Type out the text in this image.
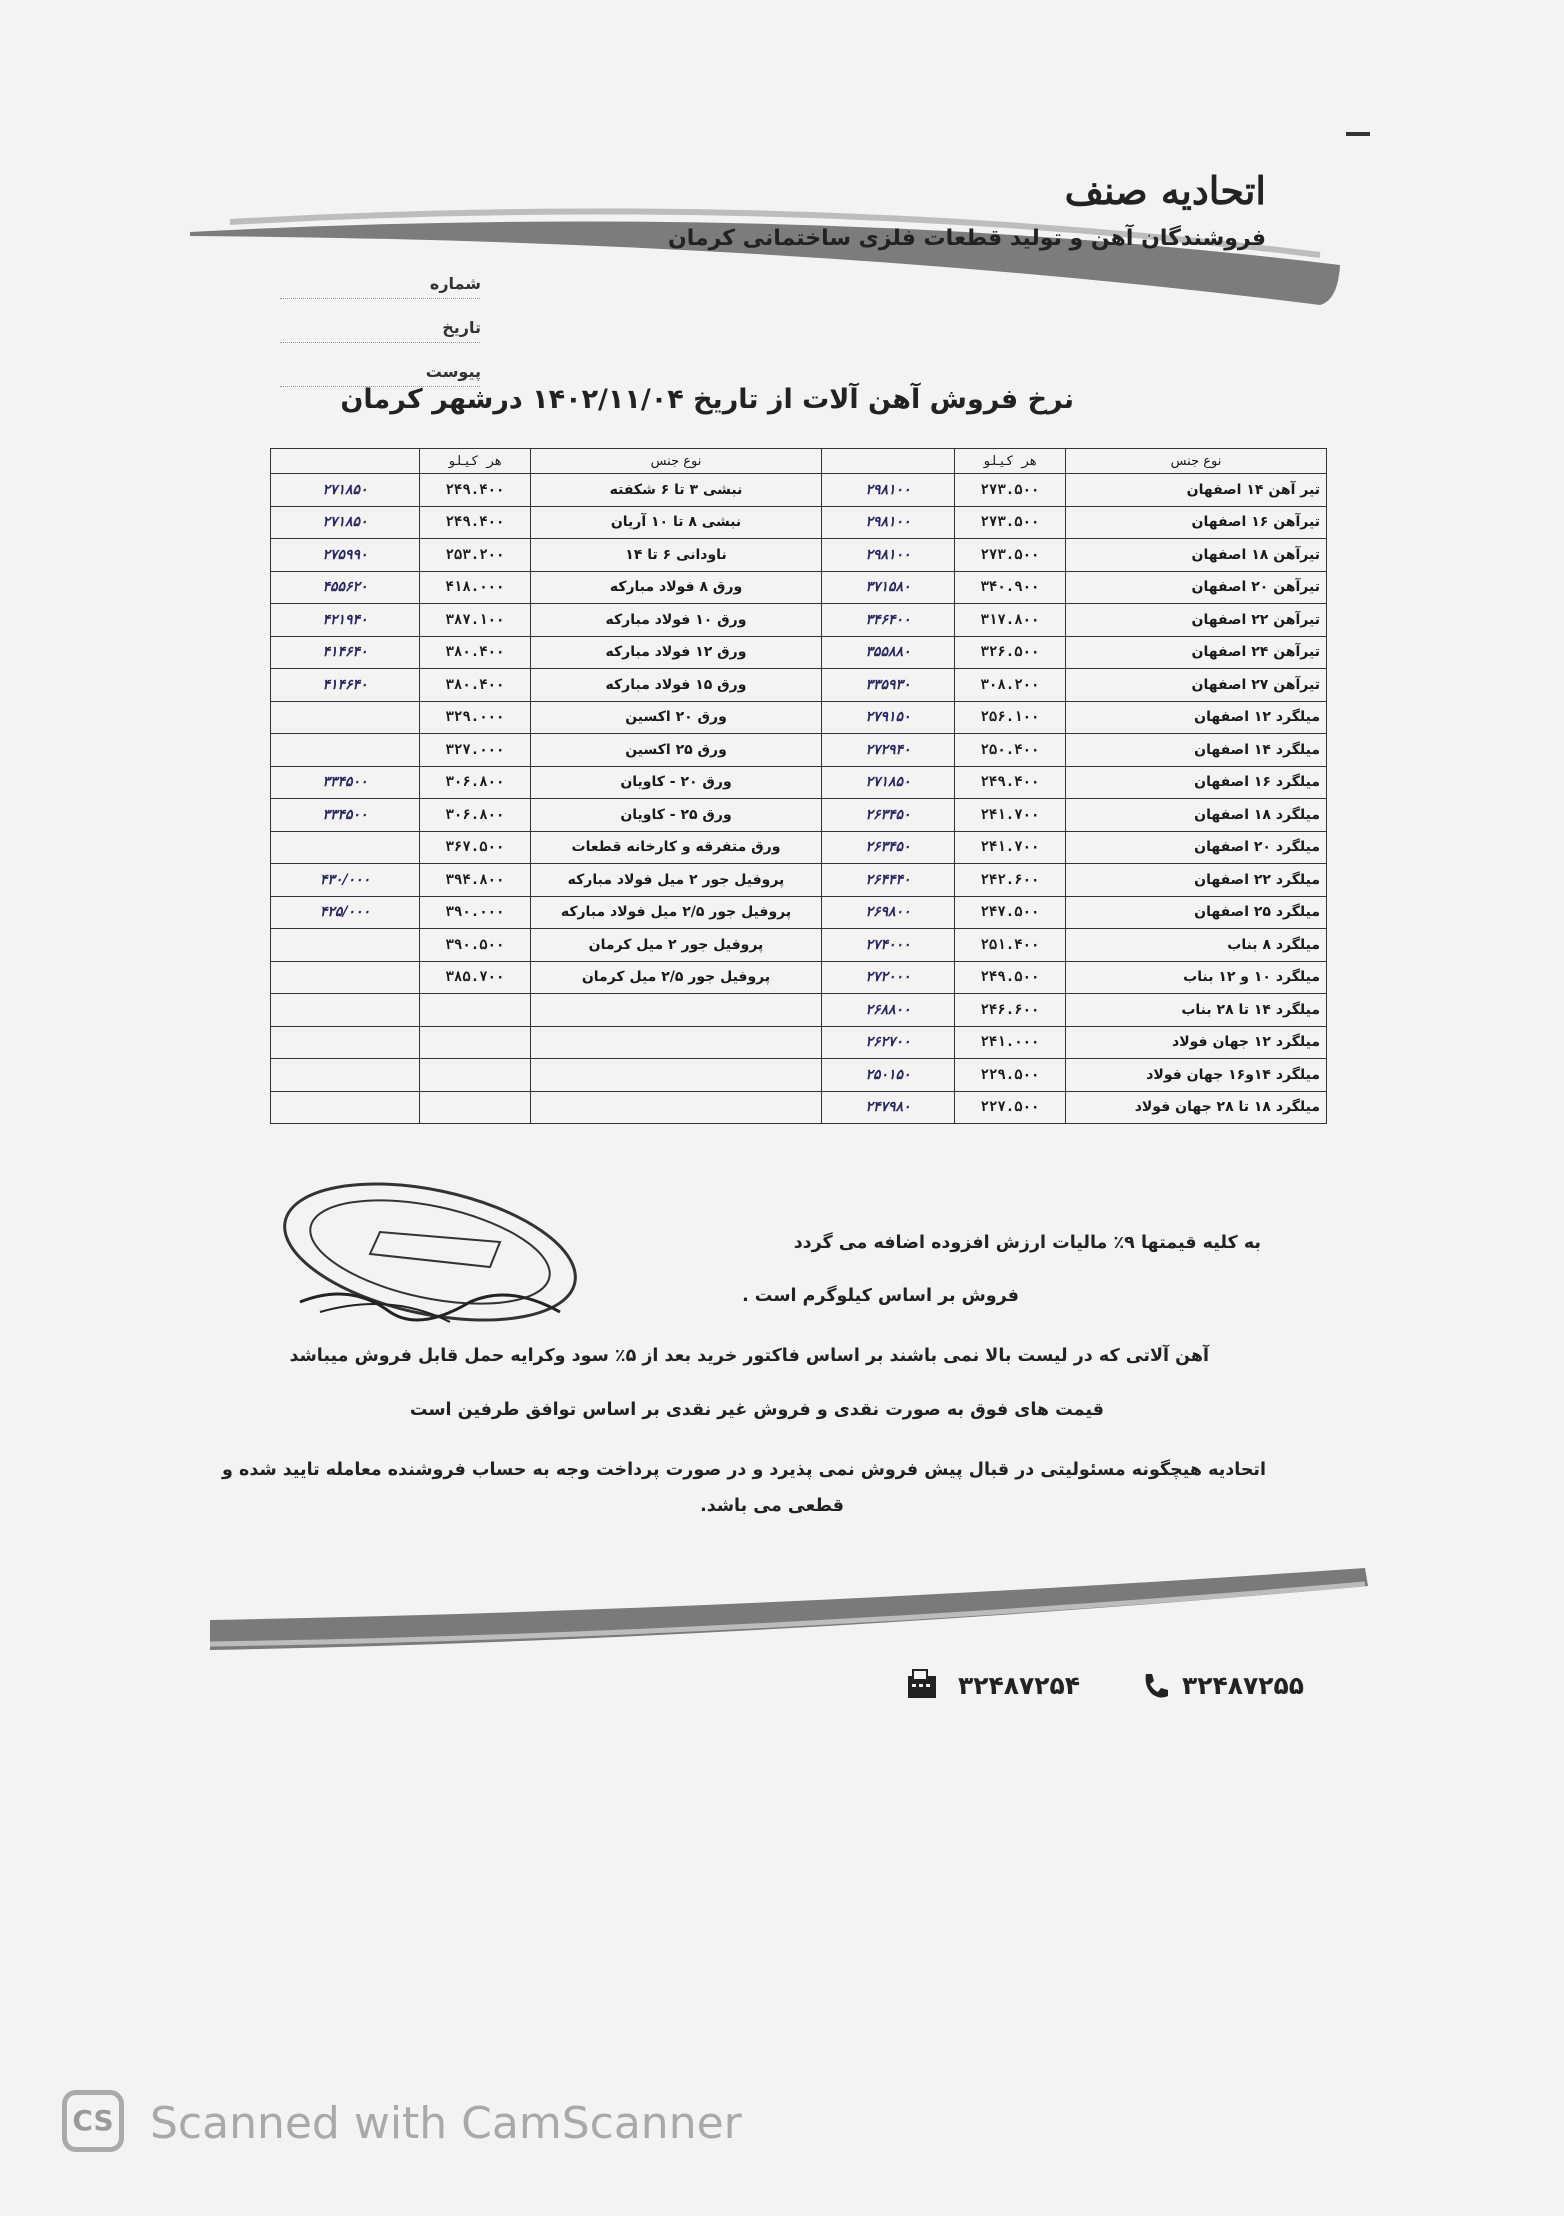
اتحادیه صنف
فروشندگان آهن و تولید قطعات فلزی ساختمانی کرمان
شماره
تاریخ
پیوست
نرخ فروش آهن آلات از تاریخ ۱۴۰۲/۱۱/۰۴ درشهر کرمان
نوع جنس	هر کیلو		نوع جنس	هر کیلو	
تیر آهن ۱۴ اصفهان	۲۷۳.۵۰۰	۲۹۸۱۰۰	نبشی ۳ تا ۶ شکفته	۲۴۹.۴۰۰	۲۷۱۸۵۰
تیرآهن ۱۶ اصفهان	۲۷۳.۵۰۰	۲۹۸۱۰۰	نبشی ۸ تا ۱۰ آریان	۲۴۹.۴۰۰	۲۷۱۸۵۰
تیرآهن ۱۸ اصفهان	۲۷۳.۵۰۰	۲۹۸۱۰۰	ناودانی ۶ تا ۱۴	۲۵۳.۲۰۰	۲۷۵۹۹۰
تیرآهن ۲۰ اصفهان	۳۴۰.۹۰۰	۳۷۱۵۸۰	ورق ۸ فولاد مبارکه	۴۱۸.۰۰۰	۴۵۵۶۲۰
تیرآهن ۲۲ اصفهان	۳۱۷.۸۰۰	۳۴۶۴۰۰	ورق ۱۰ فولاد مبارکه	۳۸۷.۱۰۰	۴۲۱۹۴۰
تیرآهن ۲۴ اصفهان	۳۲۶.۵۰۰	۳۵۵۸۸۰	ورق ۱۲ فولاد مبارکه	۳۸۰.۴۰۰	۴۱۴۶۴۰
تیرآهن ۲۷ اصفهان	۳۰۸.۲۰۰	۳۳۵۹۳۰	ورق ۱۵ فولاد مبارکه	۳۸۰.۴۰۰	۴۱۴۶۴۰
میلگرد ۱۲ اصفهان	۲۵۶.۱۰۰	۲۷۹۱۵۰	ورق ۲۰ اکسین	۳۲۹.۰۰۰	
میلگرد ۱۴ اصفهان	۲۵۰.۴۰۰	۲۷۲۹۴۰	ورق ۲۵ اکسین	۳۲۷.۰۰۰	
میلگرد ۱۶ اصفهان	۲۴۹.۴۰۰	۲۷۱۸۵۰	ورق ۲۰ - کاویان	۳۰۶.۸۰۰	۳۳۴۵۰۰
میلگرد ۱۸ اصفهان	۲۴۱.۷۰۰	۲۶۳۴۵۰	ورق ۲۵ - کاویان	۳۰۶.۸۰۰	۳۳۴۵۰۰
میلگرد ۲۰ اصفهان	۲۴۱.۷۰۰	۲۶۳۴۵۰	ورق متفرقه و کارخانه قطعات	۳۶۷.۵۰۰	
میلگرد ۲۲ اصفهان	۲۴۲.۶۰۰	۲۶۴۴۴۰	پروفیل جور ۲ میل فولاد مبارکه	۳۹۴.۸۰۰	۴۳۰/۰۰۰
میلگرد ۲۵ اصفهان	۲۴۷.۵۰۰	۲۶۹۸۰۰	پروفیل جور ۲/۵ میل فولاد مبارکه	۳۹۰.۰۰۰	۴۲۵/۰۰۰
میلگرد ۸ بناب	۲۵۱.۴۰۰	۲۷۴۰۰۰	پروفیل جور ۲ میل کرمان	۳۹۰.۵۰۰	
میلگرد ۱۰ و ۱۲ بناب	۲۴۹.۵۰۰	۲۷۲۰۰۰	پروفیل جور ۲/۵ میل کرمان	۳۸۵.۷۰۰	
میلگرد ۱۴ تا ۲۸ بناب	۲۴۶.۶۰۰	۲۶۸۸۰۰			
میلگرد ۱۲ جهان فولاد	۲۴۱.۰۰۰	۲۶۲۷۰۰			
میلگرد ۱۴و۱۶ جهان فولاد	۲۲۹.۵۰۰	۲۵۰۱۵۰			
میلگرد ۱۸ تا ۲۸ جهان فولاد	۲۲۷.۵۰۰	۲۴۷۹۸۰			
به کلیه قیمتها ۹٪ مالیات ارزش افزوده اضافه می گردد
فروش بر اساس کیلوگرم است .
آهن آلاتی که در لیست بالا نمی باشند بر اساس فاکتور خرید بعد از ۵٪ سود وکرایه حمل قابل فروش میباشد
قیمت های فوق به صورت نقدی و فروش غیر نقدی بر اساس توافق طرفین است
اتحادیه هیچگونه مسئولیتی در قبال پیش فروش نمی پذیرد و در صورت پرداخت وجه به حساب فروشنده معامله تایید شده و
قطعی می باشد.
۳۲۴۸۷۲۵۴	۳۲۴۸۷۲۵۵
CS Scanned with CamScanner
